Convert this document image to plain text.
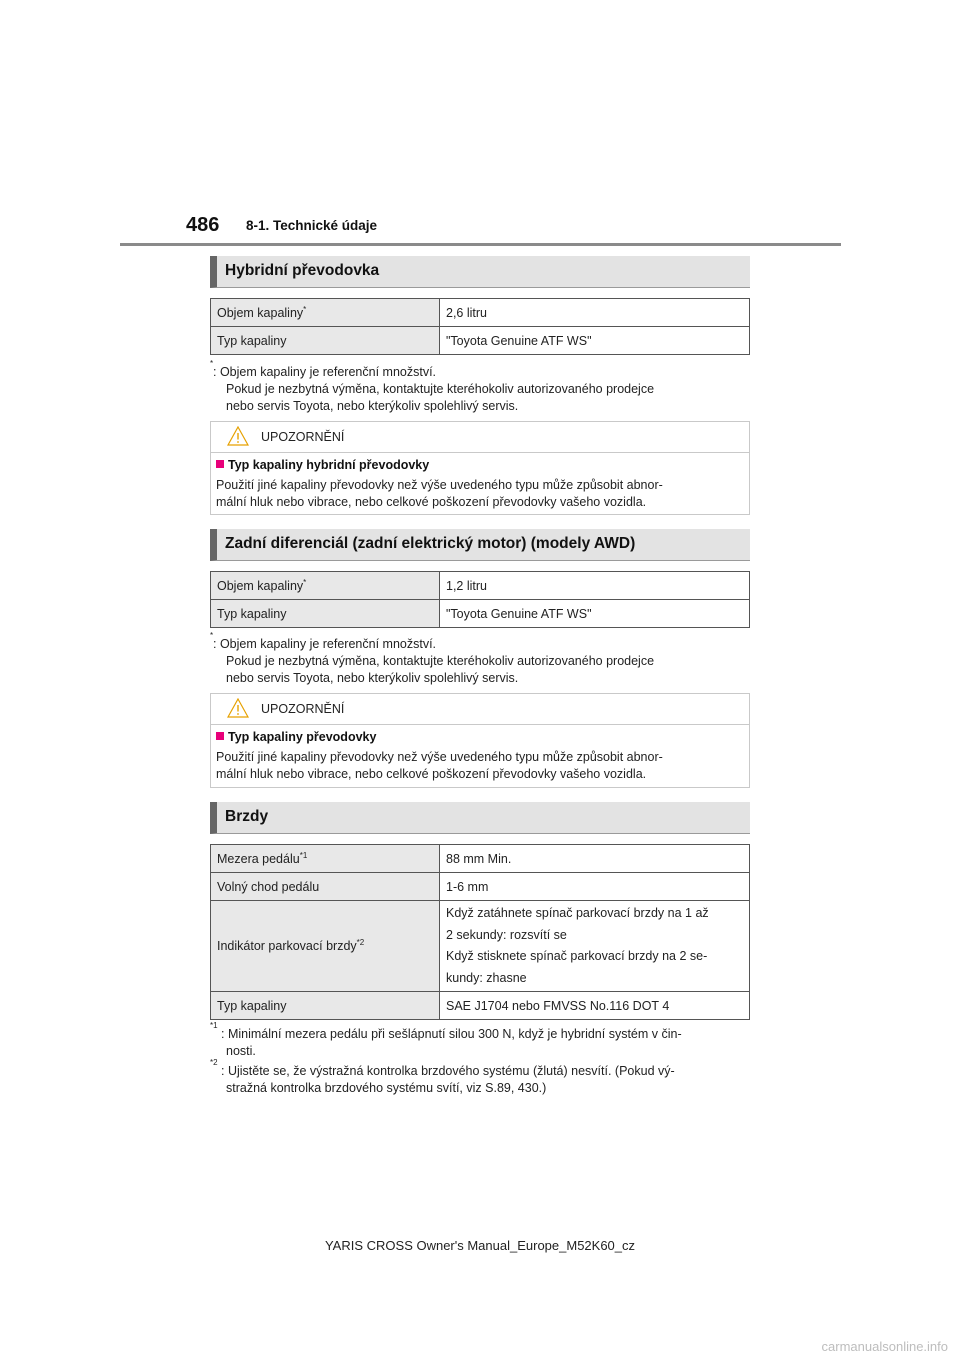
486 8-1. Technické údaje
Hybridní převodovka
Objem kapaliny*	2,6 litru
Typ kapaliny	"Toyota Genuine ATF WS"
*
: Objem kapaliny je referenční množství.
Pokud je nezbytná výměna, kontaktujte kteréhokoliv autorizovaného prodejce
nebo servis Toyota, nebo kterýkoliv spolehlivý servis.
UPOZORNĚNÍ
Typ kapaliny hybridní převodovky
Použití jiné kapaliny převodovky než výše uvedeného typu může způsobit abnor-
mální hluk nebo vibrace, nebo celkové poškození převodovky vašeho vozidla.
Zadní diferenciál (zadní elektrický motor) (modely AWD)
Objem kapaliny*	1,2 litru
Typ kapaliny	"Toyota Genuine ATF WS"
*
: Objem kapaliny je referenční množství.
Pokud je nezbytná výměna, kontaktujte kteréhokoliv autorizovaného prodejce
nebo servis Toyota, nebo kterýkoliv spolehlivý servis.
UPOZORNĚNÍ
Typ kapaliny převodovky
Použití jiné kapaliny převodovky než výše uvedeného typu může způsobit abnor-
mální hluk nebo vibrace, nebo celkové poškození převodovky vašeho vozidla.
Brzdy
Mezera pedálu$^{*1}$	88 mm Min.
Volný chod pedálu	1-6 mm
Indikátor parkovací brzdy$^{*2}$	Když zatáhnete spínač parkovací brzdy na 1 až
2 sekundy: rozsvítí se
Když stisknete spínač parkovací brzdy na 2 se-
kundy: zhasne

Typ kapaliny	SAE J1704 nebo FMVSS No.116 DOT 4
*1
: Minimální mezera pedálu při sešlápnutí silou 300 N, když je hybridní systém v čin-
nosti.
*2
: Ujistěte se, že výstražná kontrolka brzdového systému (žlutá) nesvítí. (Pokud vý-
stražná kontrolka brzdového systému svítí, viz S.89, 430.)
YARIS CROSS Owner's Manual_Europe_M52K60_cz
carmanualsonline.info
